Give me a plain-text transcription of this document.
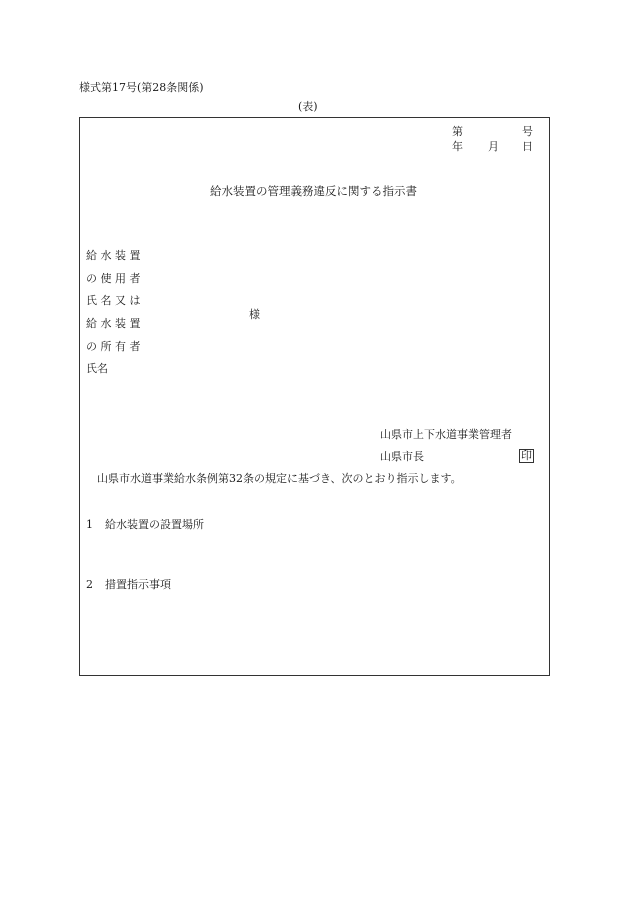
様式第17号(第28条関係)
(表)
第	号
年 月 日
給水装置の管理義務違反に関する指示書
給 水 装 置
の 使 用 者
氏 名 又 は
給 水 装 置
の 所 有 者
氏名
様
山県市上下水道事業管理者
山県市長	印
山県市水道事業給水条例第32条の規定に基づき、次のとおり指示します。
1 給水装置の設置場所
2 措置指示事項
